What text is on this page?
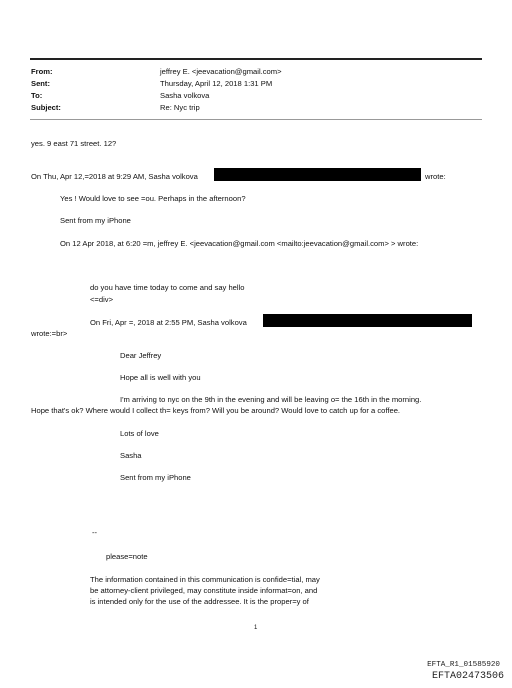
From:	jeffrey E. <jeevacation@gmail.com>
Sent:	Thursday, April 12, 2018 1:31 PM
To:	Sasha volkova
Subject:	Re: Nyc trip
yes. 9 east 71 street. 12?
On Thu, Apr 12,=2018 at 9:29 AM, Sasha volkova	wrote:
Yes ! Would love to see =ou. Perhaps in the afternoon?
Sent from my iPhone
On 12 Apr 2018, at 6:20 =m, jeffrey E. <jeevacation@gmail.com <mailto:jeevacation@gmail.com> > wrote:
do you have time today to come and say hello
<=div>
On Fri, Apr =, 2018 at 2:55 PM, Sasha volkova
wrote:=br>
Dear Jeffrey
Hope all is well with you
I'm arriving to nyc on the 9th in the evening and will be leaving o= the 16th in the morning.
Hope that's ok? Where would I collect th= keys from? Will you be around? Would love to catch up for a coffee.
Lots of love
Sasha
Sent from my iPhone
--
please=note
The information contained in this communication is confide=tial, may be attorney-client privileged, may constitute inside informat=on, and is intended only for the use of the addressee. It is the proper=y of
1
EFTA_R1_01585920
EFTA02473506
